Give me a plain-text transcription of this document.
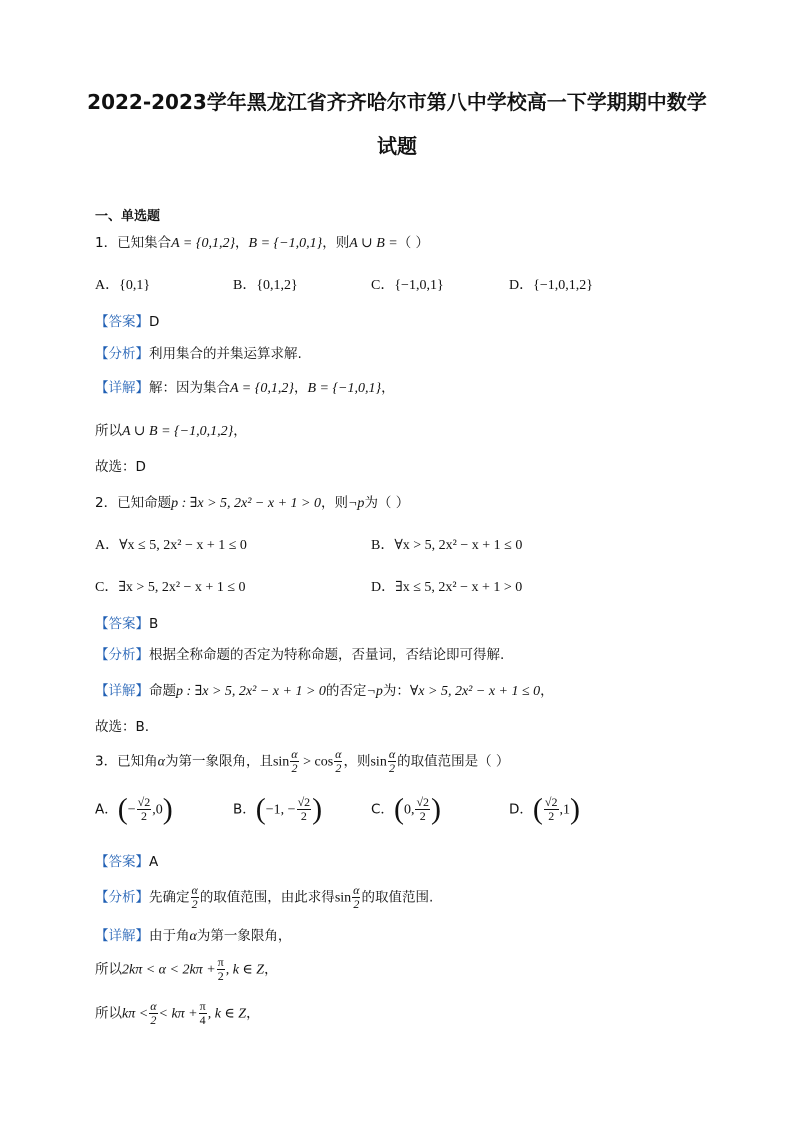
2022-2023学年黑龙江省齐齐哈尔市第八中学校高一下学期期中数学
试题
一、单选题
1．已知集合A = {0,1,2}，B = {−1,0,1}，则A ∪ B =（ ）
A．{0,1}	B．{0,1,2}	C．{−1,0,1}	D．{−1,0,1,2}
【答案】D
【分析】利用集合的并集运算求解.
【详解】解：因为集合A = {0,1,2}，B = {−1,0,1}，
所以A ∪ B = {−1,0,1,2}，
故选：D
2．已知命题p : ∃x > 5, 2x² − x + 1 > 0，则¬p为（ ）
A．∀x ≤ 5, 2x² − x + 1 ≤ 0	B．∀x > 5, 2x² − x + 1 ≤ 0
C．∃x > 5, 2x² − x + 1 ≤ 0	D．∃x ≤ 5, 2x² − x + 1 > 0
【答案】B
【分析】根据全称命题的否定为特称命题，否量词，否结论即可得解.
【详解】命题p : ∃x > 5, 2x² − x + 1 > 0的否定¬p为：∀x > 5, 2x² − x + 1 ≤ 0，
故选：B.
3．已知角α为第一象限角，且$\sin \frac{\alpha}{2} > \cos \frac{\alpha}{2}$ ，则$\sin \frac{\alpha}{2}$ 的取值范围是（ ）
A．(− $\frac{√2}{2} ,0$)	B．(−1, − $\frac{√2}{2}$ )	C．(0, $\frac{√2}{2}$ )	D．( $\frac{√2}{2} ,1$)
【答案】A
【分析】先确定 $\frac{\alpha}{2}$ 的取值范围，由此求得$\sin \frac{\alpha}{2}$ 的取值范围.
【详解】由于角α为第一象限角，
所以$2k\pi < \alpha < 2k\pi + \frac{\pi}{2}$ , k ∈ Z，
所以$k\pi < \frac{\alpha}{2} < k\pi + \frac{\pi}{4}$ , k ∈ Z，
